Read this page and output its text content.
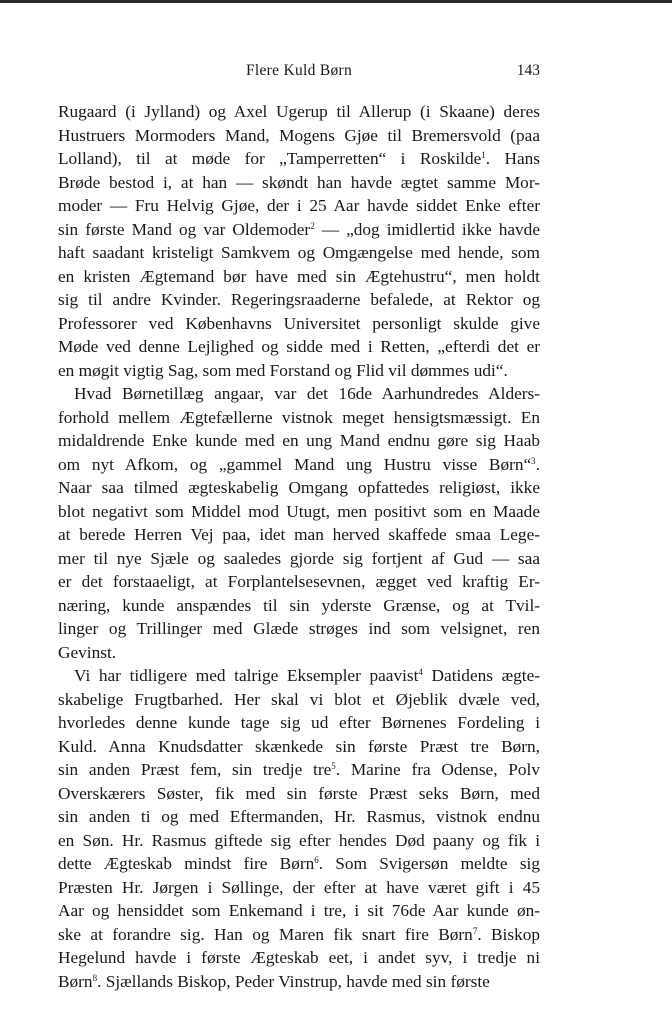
Flere Kuld Børn	143
Rugaard (i Jylland) og Axel Ugerup til Allerup (i Skaane) deres
Hustruers Mormoders Mand, Mogens Gjøe til Bremersvold (paa
Lolland), til at møde for „Tamperretten“ i Roskilde$^1$. Hans
Brøde bestod i, at han — skøndt han havde ægtet samme Mor-
moder — Fru Helvig Gjøe, der i 25 Aar havde siddet Enke efter
sin første Mand og var Oldemoder$^2$ — „dog imidlertid ikke havde
haft saadant kristeligt Samkvem og Omgængelse med hende, som
en kristen Ægtemand bør have med sin Ægtehustru“, men holdt
sig til andre Kvinder. Regeringsraaderne befalede, at Rektor og
Professorer ved Københavns Universitet personligt skulde give
Møde ved denne Lejlighed og sidde med i Retten, „efterdi det er
en møgit vigtig Sag, som med Forstand og Flid vil dømmes udi“.
Hvad Børnetillæg angaar, var det 16de Aarhundredes Alders-
forhold mellem Ægtefællerne vistnok meget hensigtsmæssigt. En
midaldrende Enke kunde med en ung Mand endnu gøre sig Haab
om nyt Afkom, og „gammel Mand ung Hustru visse Børn“$^3$.
Naar saa tilmed ægteskabelig Omgang opfattedes religiøst, ikke
blot negativt som Middel mod Utugt, men positivt som en Maade
at berede Herren Vej paa, idet man herved skaffede smaa Lege-
mer til nye Sjæle og saaledes gjorde sig fortjent af Gud — saa
er det forstaaeligt, at Forplantelsesevnen, ægget ved kraftig Er-
næring, kunde anspændes til sin yderste Grænse, og at Tvil-
linger og Trillinger med Glæde strøges ind som velsignet, ren
Gevinst.
Vi har tidligere med talrige Eksempler paavist$^4$ Datidens ægte-
skabelige Frugtbarhed. Her skal vi blot et Øjeblik dvæle ved,
hvorledes denne kunde tage sig ud efter Børnenes Fordeling i
Kuld. Anna Knudsdatter skænkede sin første Præst tre Børn,
sin anden Præst fem, sin tredje tre$^5$. Marine fra Odense, Polv
Overskærers Søster, fik med sin første Præst seks Børn, med
sin anden ti og med Eftermanden, Hr. Rasmus, vistnok endnu
en Søn. Hr. Rasmus giftede sig efter hendes Død paany og fik i
dette Ægteskab mindst fire Børn$^6$. Som Svigersøn meldte sig
Præsten Hr. Jørgen i Søllinge, der efter at have været gift i 45
Aar og hensiddet som Enkemand i tre, i sit 76de Aar kunde øn-
ske at forandre sig. Han og Maren fik snart fire Børn$^7$. Biskop
Hegelund havde i første Ægteskab eet, i andet syv, i tredje ni
Børn$^8$. Sjællands Biskop, Peder Vinstrup, havde med sin første
